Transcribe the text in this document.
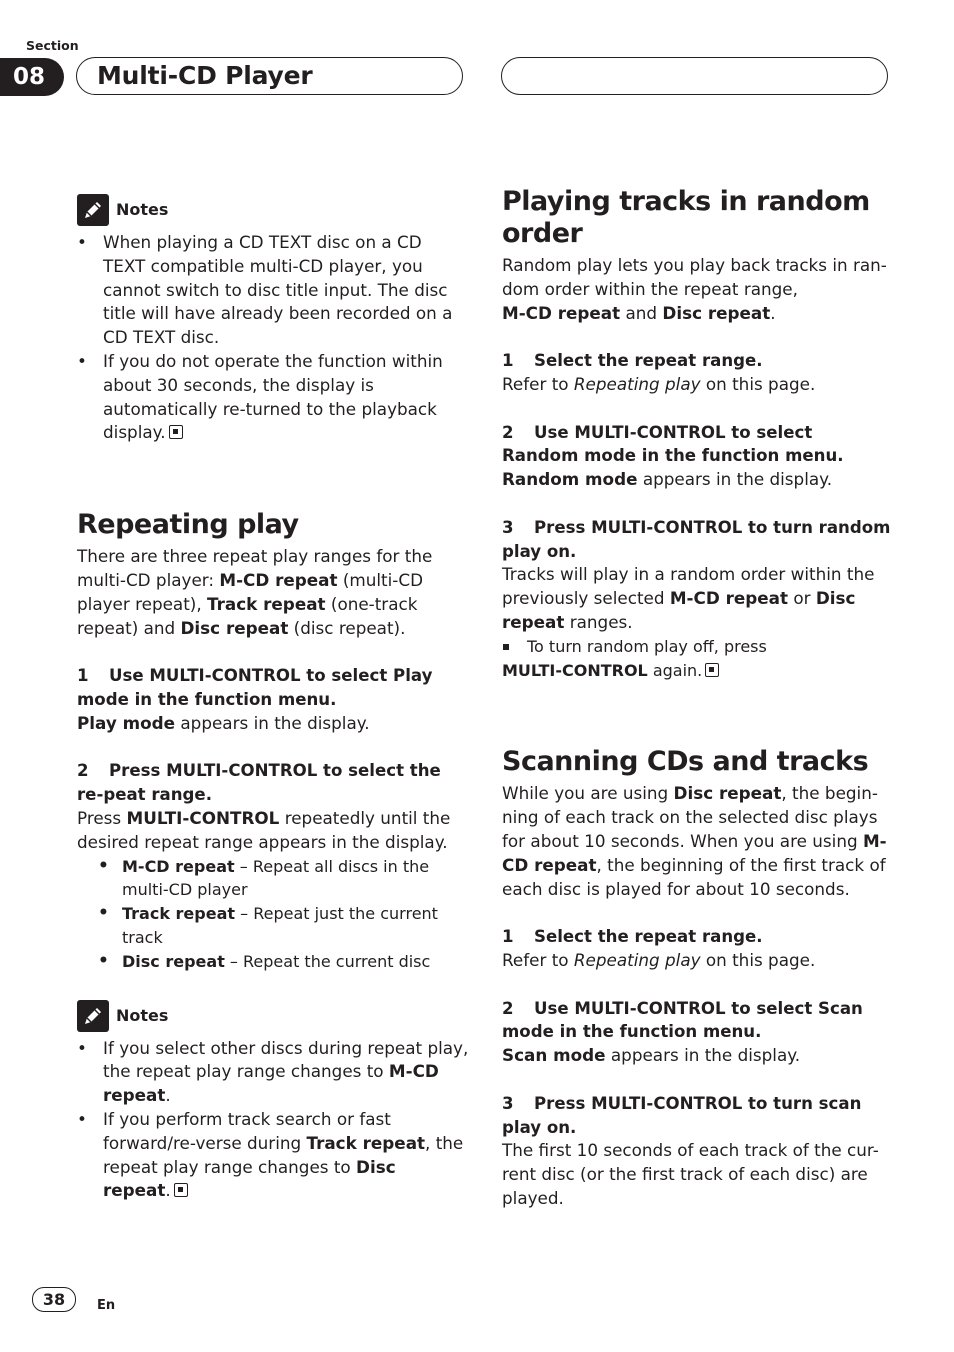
Section
08	Multi-CD Player
Notes
• When playing a CD TEXT disc on a CD TEXT compatible multi-CD player, you cannot switch to disc title input. The disc title will have already been recorded on a CD TEXT disc.
• If you do not operate the function within about 30 seconds, the display is automatically re-turned to the playback display.
Repeating play

There are three repeat play ranges for the multi-CD player: M-CD repeat (multi-CD player repeat), Track repeat (one-track repeat) and Disc repeat (disc repeat).

1 Use MULTI-CONTROL to select Play mode in the function menu.

Play mode appears in the display.

2 Press MULTI-CONTROL to select the re-peat range.

Press MULTI-CONTROL repeatedly until the desired repeat range appears in the display.

• M-CD repeat – Repeat all discs in the multi-CD player
• Track repeat – Repeat just the current track
• Disc repeat – Repeat the current disc
Notes
• If you select other discs during repeat play, the repeat play range changes to M-CD repeat.
• If you perform track search or fast forward/re-verse during Track repeat, the repeat play range changes to Disc repeat.
Playing tracks in random order

Random play lets you play back tracks in ran-dom order within the repeat range,
M-CD repeat and Disc repeat.

1 Select the repeat range.

Refer to Repeating play on this page.

2 Use MULTI-CONTROL to select Random mode in the function menu.

Random mode appears in the display.

3 Press MULTI-CONTROL to turn random play on.

Tracks will play in a random order within the previously selected M-CD repeat or Disc repeat ranges.

To turn random play off, press

MULTI-CONTROL again.

Scanning CDs and tracks

While you are using Disc repeat, the begin-ning of each track on the selected disc plays for about 10 seconds. When you are using M-CD repeat, the beginning of the first track of each disc is played for about 10 seconds.

1 Select the repeat range.

Refer to Repeating play on this page.

2 Use MULTI-CONTROL to select Scan mode in the function menu.

Scan mode appears in the display.

3 Press MULTI-CONTROL to turn scan play on.

The first 10 seconds of each track of the cur-rent disc (or the first track of each disc) are played.

38	En
